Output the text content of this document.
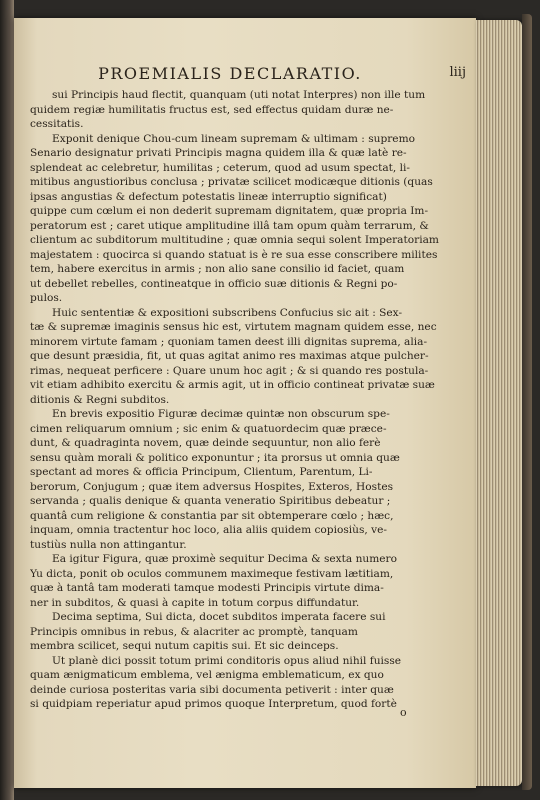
PROEMIALIS DECLARATIO.	liij
sui Principis haud flectit, quanquam (uti notat Interpres) non ille tum
quidem regiæ humilitatis fructus est, sed effectus quidam duræ ne-
cessitatis.
Exponit denique Chou-cum lineam supremam & ultimam : supremo
Senario designatur privati Principis magna quidem illa & quæ latè re-
splendeat ac celebretur, humilitas ; ceterum, quod ad usum spectat, li-
mitibus angustioribus conclusa ; privatæ scilicet modicæque ditionis (quas
ipsas angustias & defectum potestatis lineæ interruptio significat)
quippe cum cœlum ei non dederit supremam dignitatem, quæ propria Im-
peratorum est ; caret utique amplitudine illâ tam opum quàm terrarum, &
clientum ac subditorum multitudine ; quæ omnia sequi solent Imperatoriam
majestatem : quocirca si quando statuat is è re sua esse conscribere milites
tem, habere exercitus in armis ; non alio sane consilio id faciet, quam
ut debellet rebelles, contineatque in officio suæ ditionis & Regni po-
pulos.
Huic sententiæ & expositioni subscribens Confucius sic ait : Sex-
tæ & supremæ imaginis sensus hic est, virtutem magnam quidem esse, nec
minorem virtute famam ; quoniam tamen deest illi dignitas suprema, alia-
que desunt præsidia, fit, ut quas agitat animo res maximas atque pulcher-
rimas, nequeat perficere : Quare unum hoc agit ; & si quando res postula-
vit etiam adhibito exercitu & armis agit, ut in officio contineat privatæ suæ
ditionis & Regni subditos.
En brevis expositio Figuræ decimæ quintæ non obscurum spe-
cimen reliquarum omnium ; sic enim & quatuordecim quæ præce-
dunt, & quadraginta novem, quæ deinde sequuntur, non alio ferè
sensu quàm morali & politico exponuntur ; ita prorsus ut omnia quæ
spectant ad mores & officia Principum, Clientum, Parentum, Li-
berorum, Conjugum ; quæ item adversus Hospites, Exteros, Hostes
servanda ; qualis denique & quanta veneratio Spiritibus debeatur ;
quantâ cum religione & constantia par sit obtemperare cœlo ; hæc,
inquam, omnia tractentur hoc loco, alia aliis quidem copiosiùs, ve-
tustiùs nulla non attingantur.
Ea igitur Figura, quæ proximè sequitur Decima & sexta numero
Yu dicta, ponit ob oculos communem maximeque festivam lætitiam,
quæ à tantâ tam moderati tamque modesti Principis virtute dima-
ner in subditos, & quasi à capite in totum corpus diffundatur.
Decima septima, Sui dicta, docet subditos imperata facere sui
Principis omnibus in rebus, & alacriter ac promptè, tanquam
membra scilicet, sequi nutum capitis sui. Et sic deinceps.
Ut planè dici possit totum primi conditoris opus aliud nihil fuisse
quam ænigmaticum emblema, vel ænigma emblematicum, ex quo
deinde curiosa posteritas varia sibi documenta petiverit : inter quæ
si quidpiam reperiatur apud primos quoque Interpretum, quod fortè
o
